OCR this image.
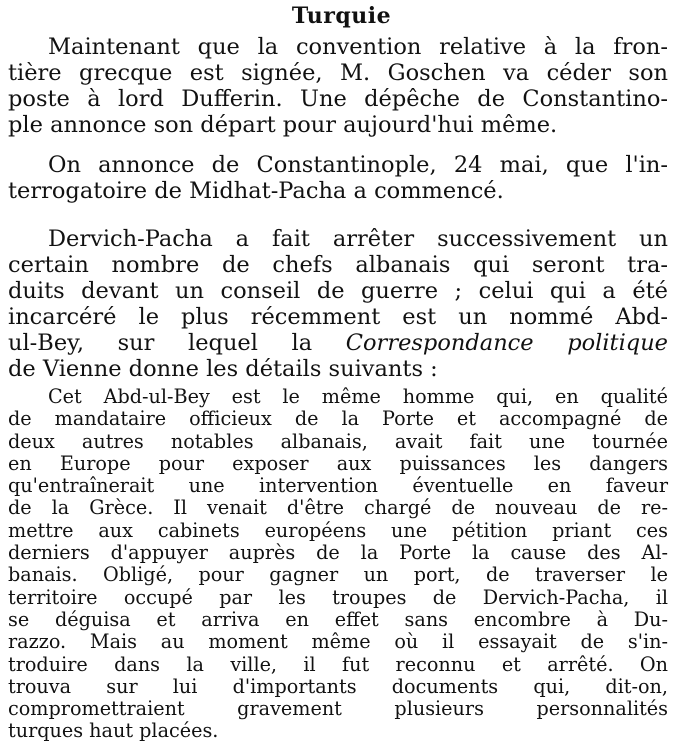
Turquie
Maintenant que la convention relative à la fron-
tière grecque est signée, M. Goschen va céder son
poste à lord Dufferin. Une dépêche de Constantino-
ple annonce son départ pour aujourd'hui même.
On annonce de Constantinople, 24 mai, que l'in-
terrogatoire de Midhat-Pacha a commencé.
Dervich-Pacha a fait arrêter successivement un
certain nombre de chefs albanais qui seront tra-
duits devant un conseil de guerre ; celui qui a été
incarcéré le plus récemment est un nommé Abd-
ul-Bey, sur lequel la Correspondance politique
de Vienne donne les détails suivants :
Cet Abd-ul-Bey est le même homme qui, en qualité
de mandataire officieux de la Porte et accompagné de
deux autres notables albanais, avait fait une tournée
en Europe pour exposer aux puissances les dangers
qu'entraînerait une intervention éventuelle en faveur
de la Grèce. Il venait d'être chargé de nouveau de re-
mettre aux cabinets européens une pétition priant ces
derniers d'appuyer auprès de la Porte la cause des Al-
banais. Obligé, pour gagner un port, de traverser le
territoire occupé par les troupes de Dervich-Pacha, il
se déguisa et arriva en effet sans encombre à Du-
razzo. Mais au moment même où il essayait de s'in-
troduire dans la ville, il fut reconnu et arrêté. On
trouva sur lui d'importants documents qui, dit-on,
compromettraient gravement plusieurs personnalités
turques haut placées.
